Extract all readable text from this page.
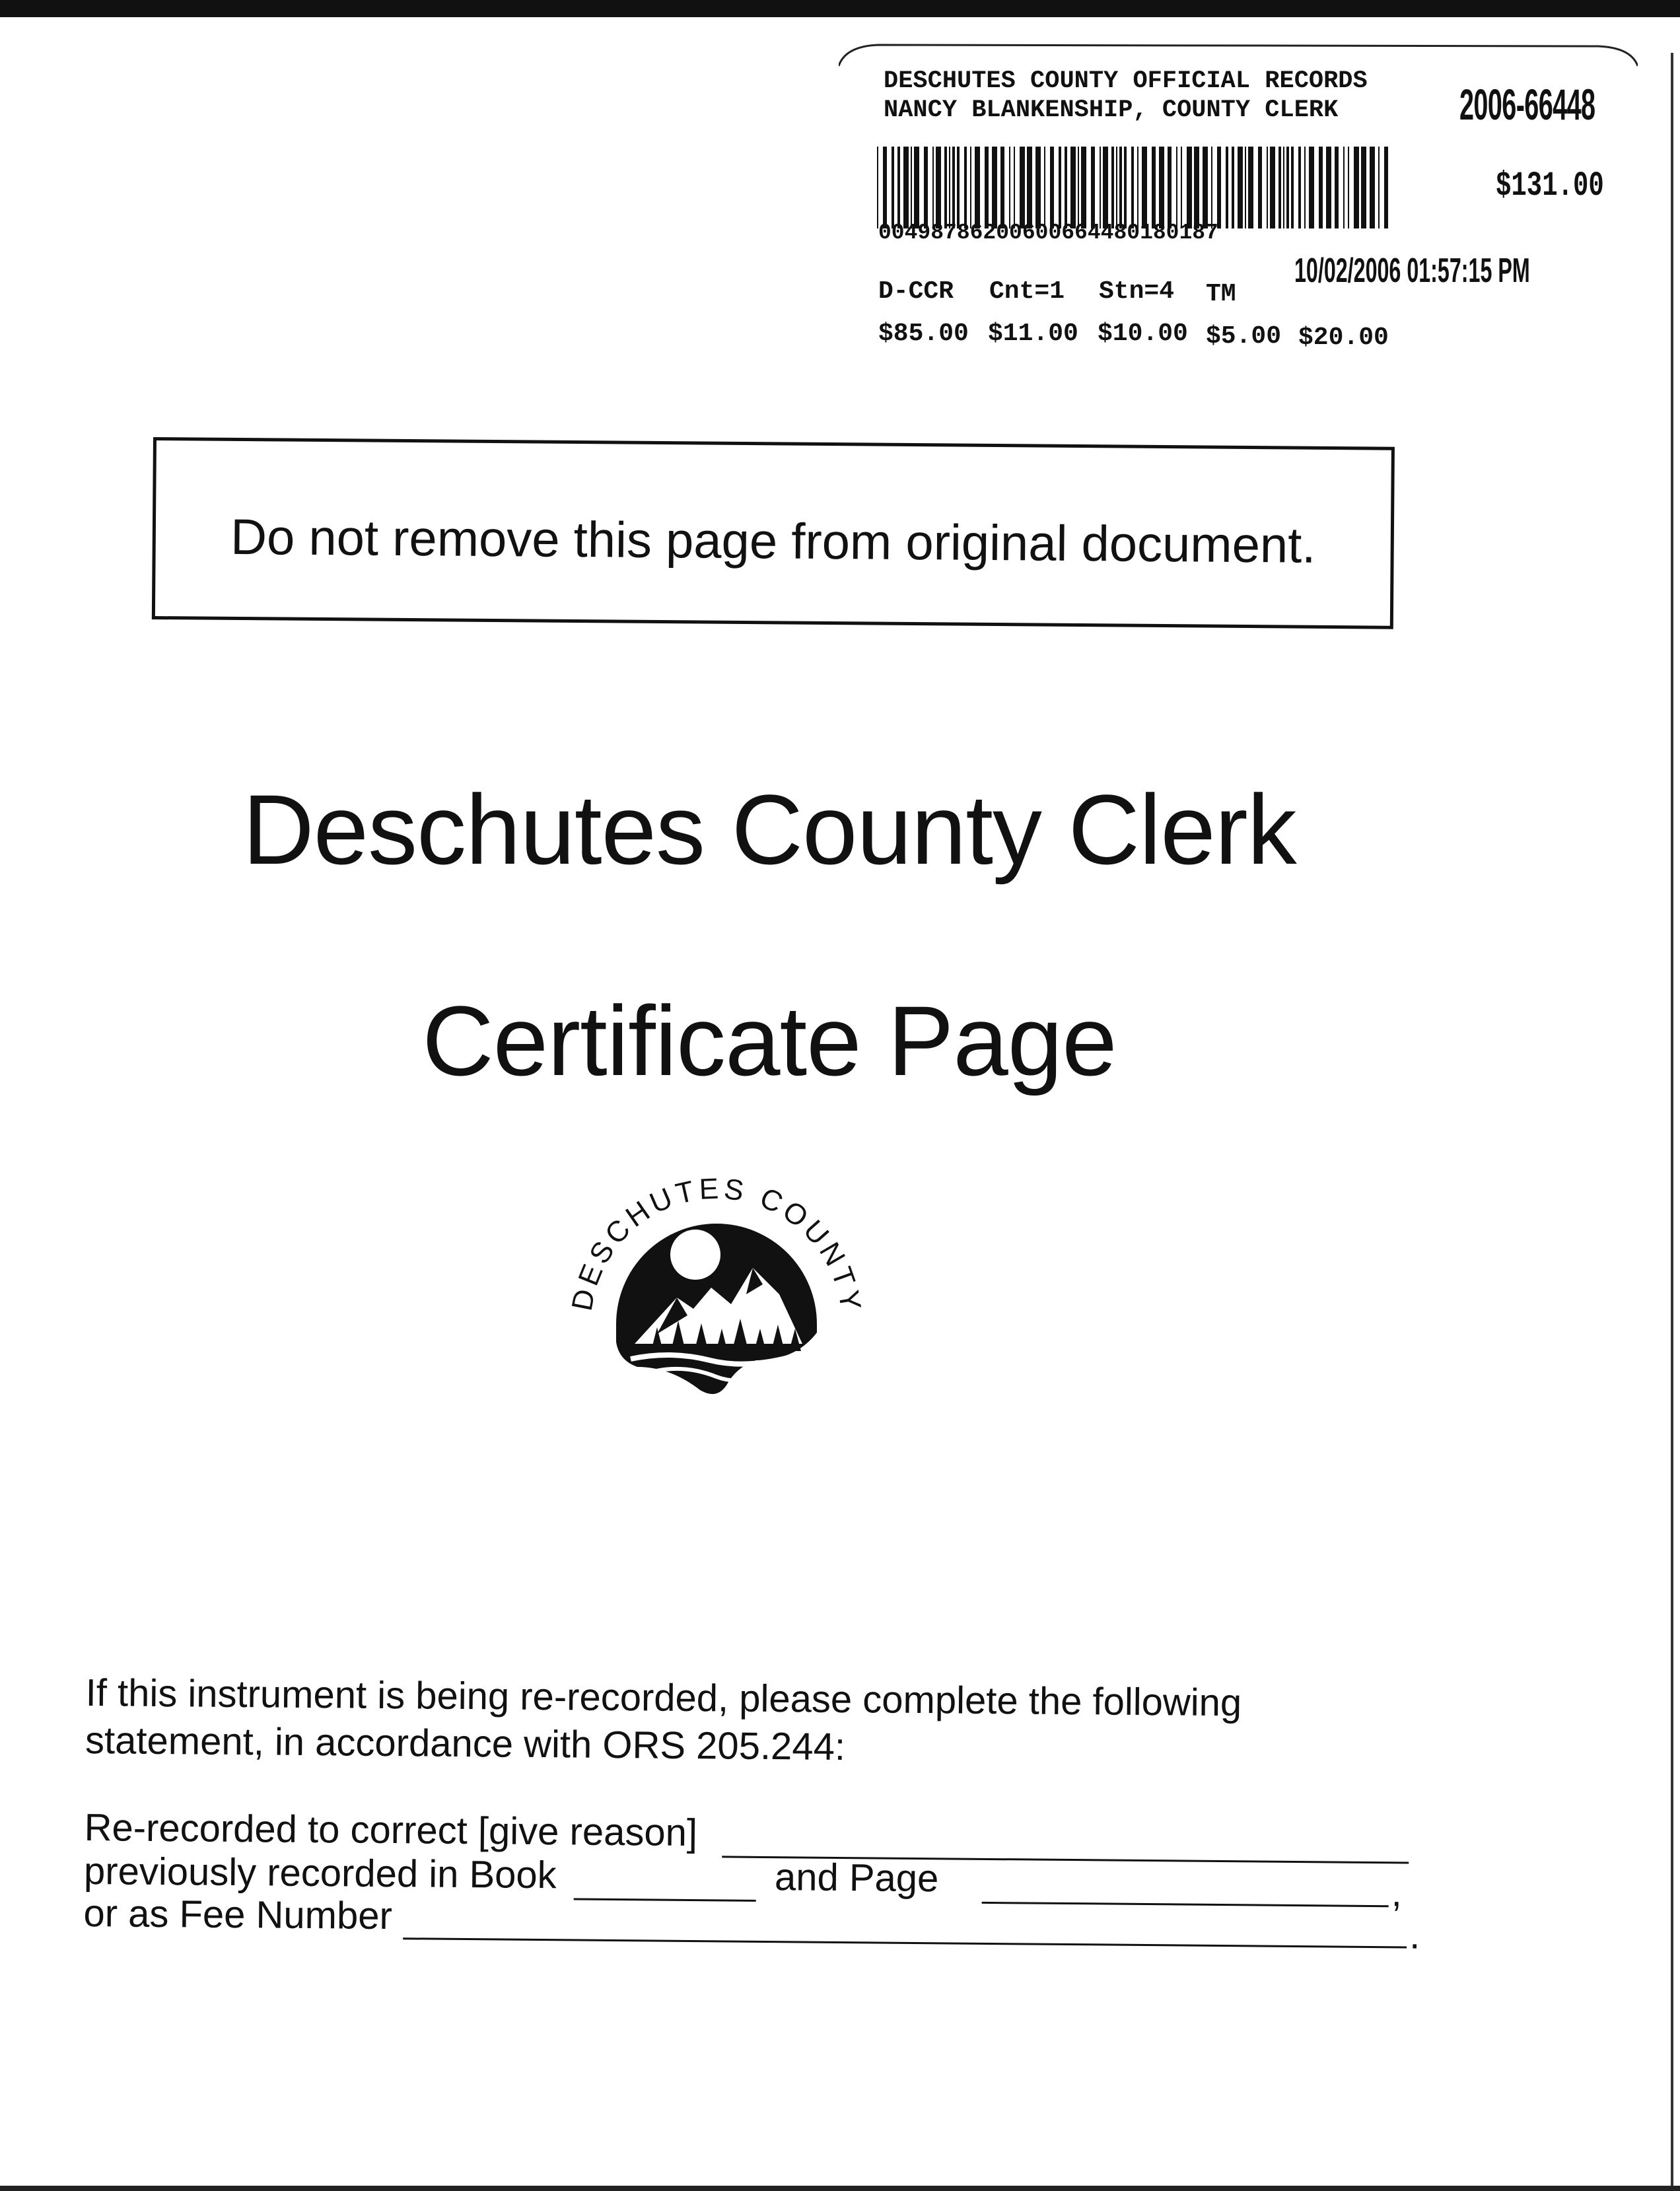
DESCHUTES COUNTY OFFICIAL RECORDS
NANCY BLANKENSHIP, COUNTY CLERK	2006-66448
00498786200600664480180187
$131.00
10/02/2006 01:57:15 PM
D-CCR Cnt=1 Stn=4 TM
$85.00 $11.00 $10.00 $5.00 $20.00
Do not remove this page from original document.
Deschutes County Clerk
Certificate Page
DESCHUTES COUNTY
If this instrument is being re-recorded, please complete the following
statement, in accordance with ORS 205.244:
Re-recorded to correct [give reason]
previously recorded in Book	and Page	,
or as Fee Number	.
